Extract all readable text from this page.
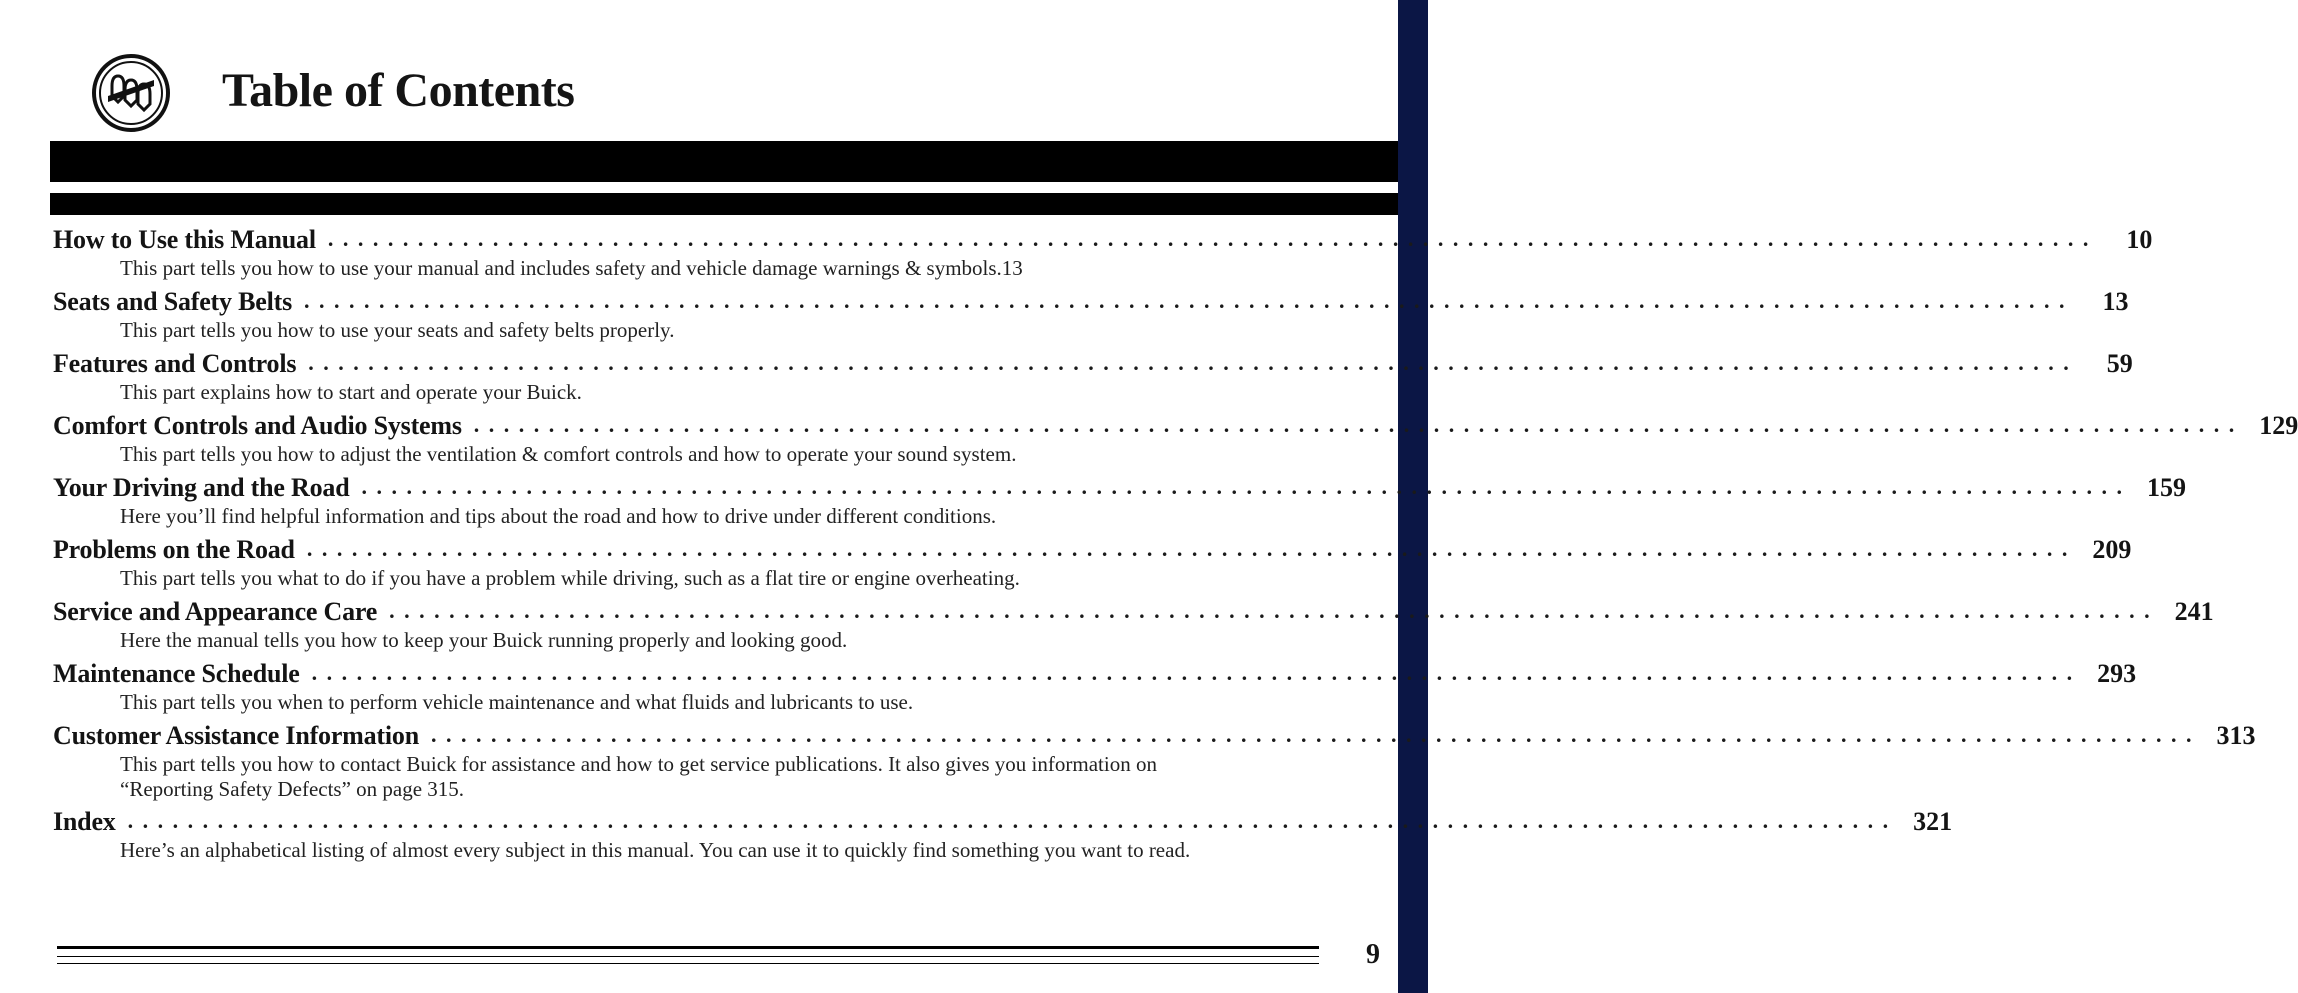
Table of Contents
How to Use this Manual . . . . . . . . . . . . . . . . . . . . . . . . . . . . . . . . . . . . . . . . . . . . . . . . . . . . . . . . . . . . . . . . . . . . . . . . . . . . . . . . . . . . . . . . . . . . . . . . . . . . . . . . . . . . . . . . . . . . . .	10
This part tells you how to use your manual and includes safety and vehicle damage warnings & symbols.13
Seats and Safety Belts . . . . . . . . . . . . . . . . . . . . . . . . . . . . . . . . . . . . . . . . . . . . . . . . . . . . . . . . . . . . . . . . . . . . . . . . . . . . . . . . . . . . . . . . . . . . . . . . . . . . . . . . . . . . . . . . . . . . . .	13
This part tells you how to use your seats and safety belts properly.
Features and Controls . . . . . . . . . . . . . . . . . . . . . . . . . . . . . . . . . . . . . . . . . . . . . . . . . . . . . . . . . . . . . . . . . . . . . . . . . . . . . . . . . . . . . . . . . . . . . . . . . . . . . . . . . . . . . . . . . . . . . .	59
This part explains how to start and operate your Buick.
Comfort Controls and Audio Systems . . . . . . . . . . . . . . . . . . . . . . . . . . . . . . . . . . . . . . . . . . . . . . . . . . . . . . . . . . . . . . . . . . . . . . . . . . . . . . . . . . . . . . . . . . . . . . . . . . . . . . . . . . . . . . . . . . . . . . 129
This part tells you how to adjust the ventilation & comfort controls and how to operate your sound system.
Your Driving and the Road . . . . . . . . . . . . . . . . . . . . . . . . . . . . . . . . . . . . . . . . . . . . . . . . . . . . . . . . . . . . . . . . . . . . . . . . . . . . . . . . . . . . . . . . . . . . . . . . . . . . . . . . . . . . . . . . . . . . . . 159
Here you’ll find helpful information and tips about the road and how to drive under different conditions.
Problems on the Road . . . . . . . . . . . . . . . . . . . . . . . . . . . . . . . . . . . . . . . . . . . . . . . . . . . . . . . . . . . . . . . . . . . . . . . . . . . . . . . . . . . . . . . . . . . . . . . . . . . . . . . . . . . . . . . . . . . . . . 209
This part tells you what to do if you have a problem while driving, such as a flat tire or engine overheating.
Service and Appearance Care . . . . . . . . . . . . . . . . . . . . . . . . . . . . . . . . . . . . . . . . . . . . . . . . . . . . . . . . . . . . . . . . . . . . . . . . . . . . . . . . . . . . . . . . . . . . . . . . . . . . . . . . . . . . . . . . . . . . . . 241
Here the manual tells you how to keep your Buick running properly and looking good.
Maintenance Schedule . . . . . . . . . . . . . . . . . . . . . . . . . . . . . . . . . . . . . . . . . . . . . . . . . . . . . . . . . . . . . . . . . . . . . . . . . . . . . . . . . . . . . . . . . . . . . . . . . . . . . . . . . . . . . . . . . . . . . . 293
This part tells you when to perform vehicle maintenance and what fluids and lubricants to use.
Customer Assistance Information . . . . . . . . . . . . . . . . . . . . . . . . . . . . . . . . . . . . . . . . . . . . . . . . . . . . . . . . . . . . . . . . . . . . . . . . . . . . . . . . . . . . . . . . . . . . . . . . . . . . . . . . . . . . . . . . . . . . . . 313
This part tells you how to contact Buick for assistance and how to get service publications. It also gives you information on “Reporting Safety Defects” on page 315.
Index . . . . . . . . . . . . . . . . . . . . . . . . . . . . . . . . . . . . . . . . . . . . . . . . . . . . . . . . . . . . . . . . . . . . . . . . . . . . . . . . . . . . . . . . . . . . . . . . . . . . . . . . . . . . . . . . . . . . . . 321
Here’s an alphabetical listing of almost every subject in this manual. You can use it to quickly find something you want to read.
9
